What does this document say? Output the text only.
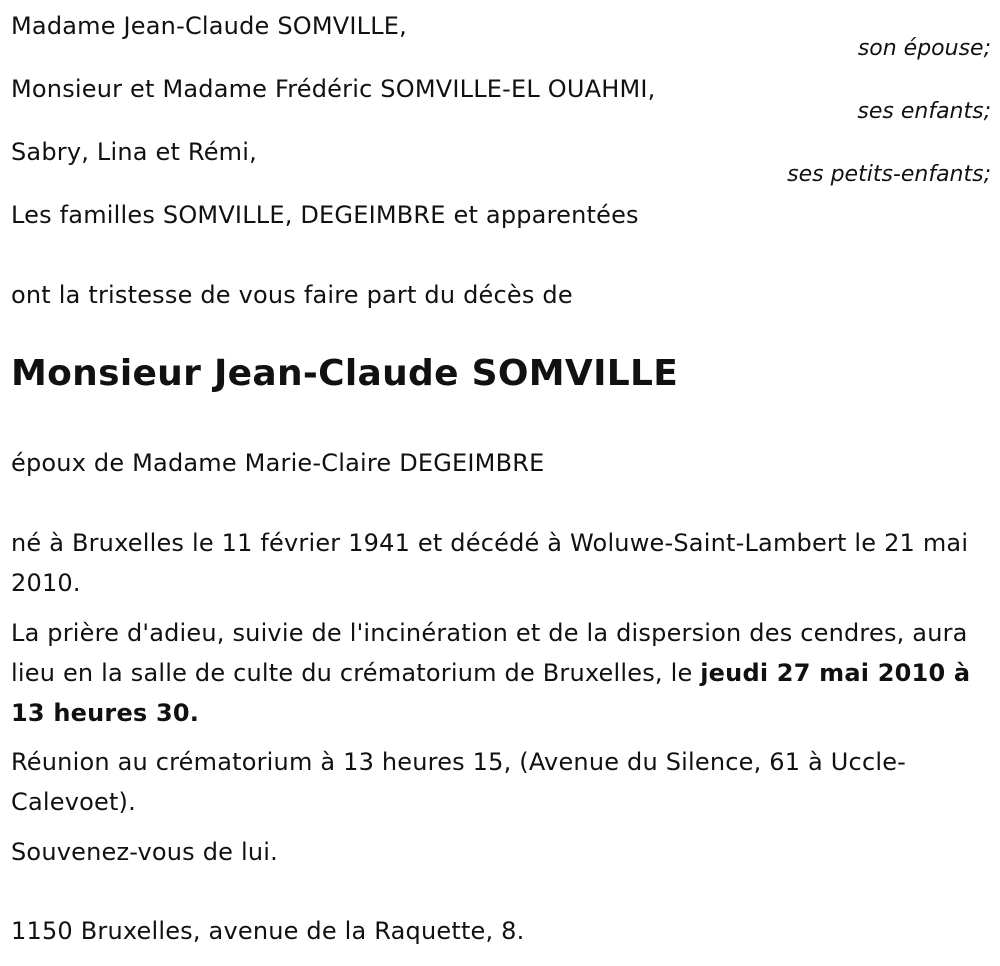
Madame Jean-Claude SOMVILLE,
son épouse;
Monsieur et Madame Frédéric SOMVILLE-EL OUAHMI,
ses enfants;
Sabry, Lina et Rémi,
ses petits-enfants;
Les familles SOMVILLE, DEGEIMBRE et apparentées
ont la tristesse de vous faire part du décès de
Monsieur Jean-Claude SOMVILLE
époux de Madame Marie-Claire DEGEIMBRE
né à Bruxelles le 11 février 1941 et décédé à Woluwe-Saint-Lambert le 21 mai 2010.
La prière d'adieu, suivie de l'incinération et de la dispersion des cendres, aura lieu en la salle de culte du crématorium de Bruxelles, le jeudi 27 mai 2010 à 13 heures 30.
Réunion au crématorium à 13 heures 15, (Avenue du Silence, 61 à Uccle-Calevoet).
Souvenez-vous de lui.
1150 Bruxelles, avenue de la Raquette, 8.
